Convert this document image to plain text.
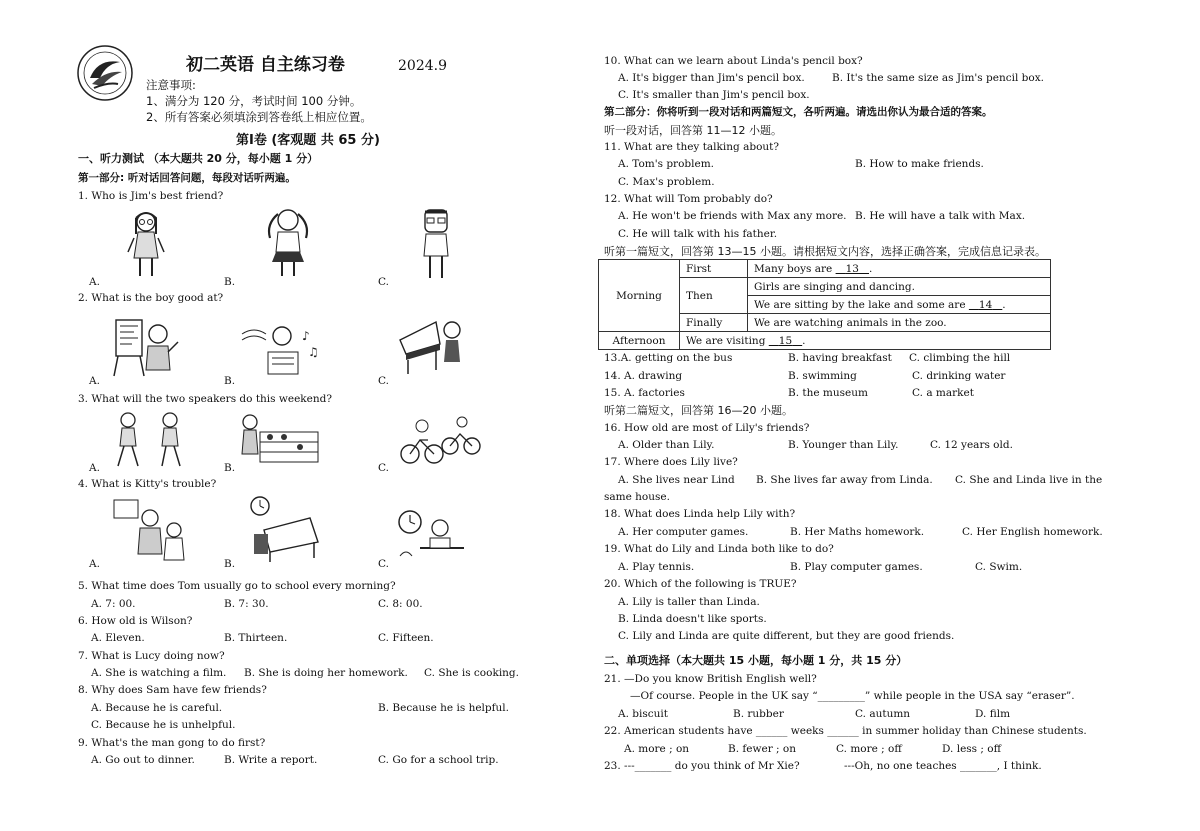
初二英语 自主练习卷	2024.9
注意事项:
1、满分为 120 分，考试时间 100 分钟。
2、所有答案必须填涂到答卷纸上相应位置。
第Ⅰ卷 (客观题 共 65 分)
一、听力测试 （本大题共 20 分，每小题 1 分）
第一部分: 听对话回答问题，每段对话听两遍。
1. Who is Jim's best friend?
A.	B.	C.
2. What is the boy good at?
♪
♫
A.	B.	C.
3. What will the two speakers do this weekend?
A.	B.	C.
4. What is Kitty's trouble?
A.	B.	C.
5. What time does Tom usually go to school every morning?
A. 7: 00.	B. 7: 30.	C. 8: 00.
6. How old is Wilson?
A. Eleven.	B. Thirteen.	C. Fifteen.
7. What is Lucy doing now?
A. She is watching a film. B. She is doing her homework. C. She is cooking.
8. Why does Sam have few friends?
A. Because he is careful.	B. Because he is helpful.
C. Because he is unhelpful.
9. What's the man gong to do first?
A. Go out to dinner.	B. Write a report.	C. Go for a school trip.
10. What can we learn about Linda's pencil box?
A. It's bigger than Jim's pencil box.	B. It's the same size as Jim's pencil box.
C. It's smaller than Jim's pencil box.
第二部分：你将听到一段对话和两篇短文，各听两遍。请选出你认为最合适的答案。
听一段对话，回答第 11—12 小题。
11. What are they talking about?
A. Tom's problem.	B. How to make friends.
C. Max's problem.
12. What will Tom probably do?
A. He won't be friends with Max any more. B. He will have a talk with Max.
C. He will talk with his father.
听第一篇短文，回答第 13—15 小题。请根据短文内容，选择正确答案，完成信息记录表。
Morning	First	Many boys are 13 .
	Then	Girls are singing and dancing.
		We are sitting by the lake and some are 14 .
	Finally	We are watching animals in the zoo.
Afternoon	We are visiting 15 .	
13.A. getting on the bus	B. having breakfast C. climbing the hill
14. A. drawing	B. swimming	C. drinking water
15. A. factories	B. the museum	C. a market
听第二篇短文，回答第 16—20 小题。
16. How old are most of Lily's friends?
A. Older than Lily.	B. Younger than Lily.	C. 12 years old.
17. Where does Lily live?
A. She lives near Lind B. She lives far away from Linda. C. She and Linda live in the
same house.
18. What does Linda help Lily with?
A. Her computer games.	B. Her Maths homework.	C. Her English homework.
19. What do Lily and Linda both like to do?
A. Play tennis.	B. Play computer games.	C. Swim.
20. Which of the following is TRUE?
A. Lily is taller than Linda.
B. Linda doesn't like sports.
C. Lily and Linda are quite different, but they are good friends.
二、单项选择（本大题共 15 小题，每小题 1 分，共 15 分）
21. —Do you know British English well?
—Of course. People in the UK say “_________” while people in the USA say “eraser”.
A. biscuit	B. rubber	C. autumn	D. film
22. American students have ______ weeks ______ in summer holiday than Chinese students.
A. more ; on	B. fewer ; on	C. more ; off	D. less ; off
23. ---_______ do you think of Mr Xie?	---Oh, no one teaches _______, I think.
